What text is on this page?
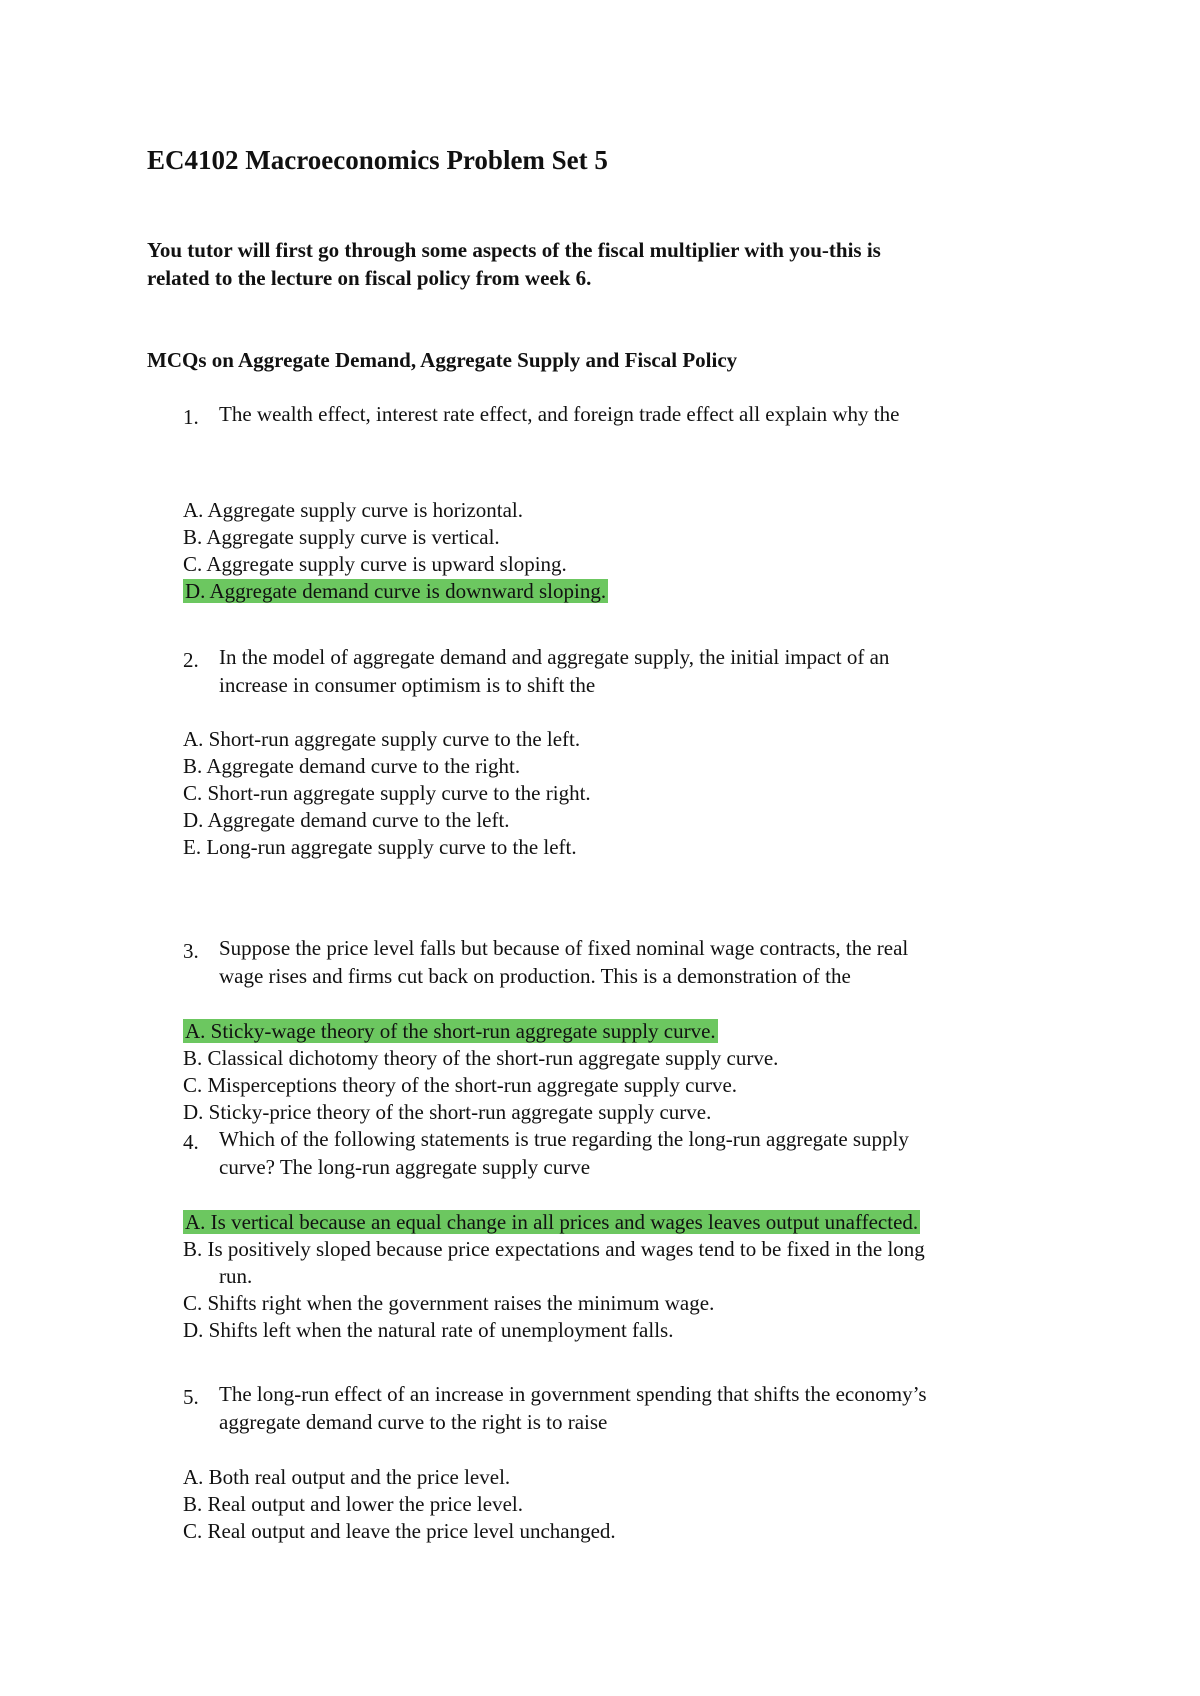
EC4102 Macroeconomics Problem Set 5
You tutor will first go through some aspects of the fiscal multiplier with you-this is
related to the lecture on fiscal policy from week 6.
MCQs on Aggregate Demand, Aggregate Supply and Fiscal Policy
1. The wealth effect, interest rate effect, and foreign trade effect all explain why the
A. Aggregate supply curve is horizontal.
B. Aggregate supply curve is vertical.
C. Aggregate supply curve is upward sloping.
D. Aggregate demand curve is downward sloping.
2. In the model of aggregate demand and aggregate supply, the initial impact of an
increase in consumer optimism is to shift the
A. Short-run aggregate supply curve to the left.
B. Aggregate demand curve to the right.
C. Short-run aggregate supply curve to the right.
D. Aggregate demand curve to the left.
E. Long-run aggregate supply curve to the left.
3. Suppose the price level falls but because of fixed nominal wage contracts, the real
wage rises and firms cut back on production. This is a demonstration of the
A. Sticky-wage theory of the short-run aggregate supply curve.
B. Classical dichotomy theory of the short-run aggregate supply curve.
C. Misperceptions theory of the short-run aggregate supply curve.
D. Sticky-price theory of the short-run aggregate supply curve.
4. Which of the following statements is true regarding the long-run aggregate supply
curve? The long-run aggregate supply curve
A. Is vertical because an equal change in all prices and wages leaves output unaffected.
B. Is positively sloped because price expectations and wages tend to be fixed in the long
run.
C. Shifts right when the government raises the minimum wage.
D. Shifts left when the natural rate of unemployment falls.
5. The long-run effect of an increase in government spending that shifts the economy’s
aggregate demand curve to the right is to raise
A. Both real output and the price level.
B. Real output and lower the price level.
C. Real output and leave the price level unchanged.
